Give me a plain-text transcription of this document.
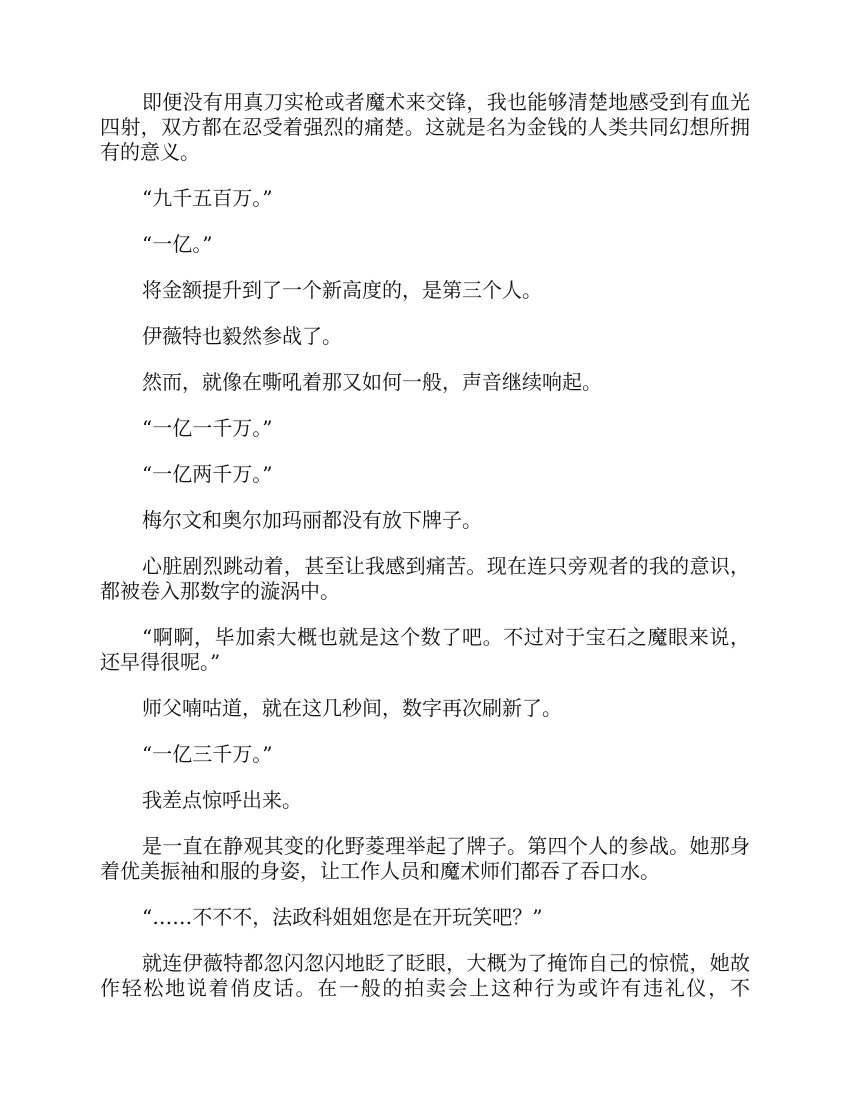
即便没有用真刀实枪或者魔术来交锋，我也能够清楚地感受到有血光四射，双方都在忍受着强烈的痛楚。这就是名为金钱的人类共同幻想所拥有的意义。

“九千五百万。”

“一亿。”

将金额提升到了一个新高度的，是第三个人。

伊薇特也毅然参战了。

然而，就像在嘶吼着那又如何一般，声音继续响起。

“一亿一千万。”

“一亿两千万。”

梅尔文和奥尔加玛丽都没有放下牌子。

心脏剧烈跳动着，甚至让我感到痛苦。现在连只旁观者的我的意识，都被卷入那数字的漩涡中。

“啊啊，毕加索大概也就是这个数了吧。不过对于宝石之魔眼来说，还早得很呢。”

师父喃咕道，就在这几秒间，数字再次刷新了。

“一亿三千万。”

我差点惊呼出来。

是一直在静观其变的化野菱理举起了牌子。第四个人的参战。她那身着优美振袖和服的身姿，让工作人员和魔术师们都吞了吞口水。

“……不不不，法政科姐姐您是在开玩笑吧？”

就连伊薇特都忽闪忽闪地眨了眨眼，大概为了掩饰自己的惊慌，她故作轻松地说着俏皮话。在一般的拍卖会上这种行为或许有违礼仪，不
